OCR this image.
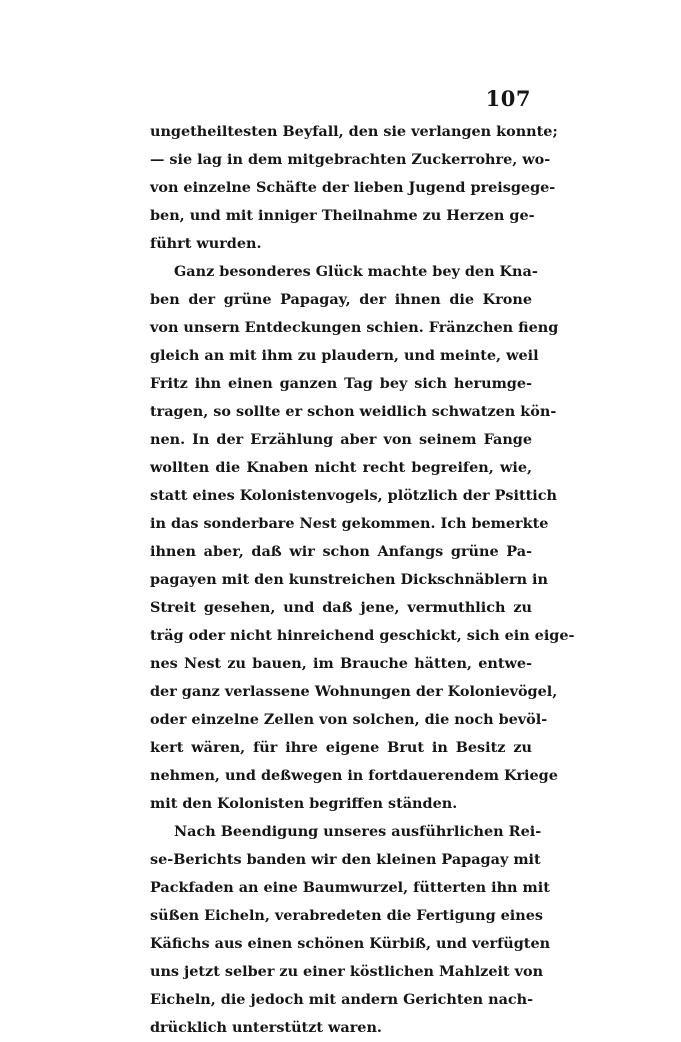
107
ungetheiltesten Beyfall, den sie verlangen konnte;
— sie lag in dem mitgebrachten Zuckerrohre, wo-
von einzelne Schäfte der lieben Jugend preisgege-
ben, und mit inniger Theilnahme zu Herzen ge-
führt wurden.
Ganz besonderes Glück machte bey den Kna-
ben der grüne Papagay, der ihnen die Krone
von unsern Entdeckungen schien. Fränzchen fieng
gleich an mit ihm zu plaudern, und meinte, weil
Fritz ihn einen ganzen Tag bey sich herumge-
tragen, so sollte er schon weidlich schwatzen kön-
nen. In der Erzählung aber von seinem Fange
wollten die Knaben nicht recht begreifen, wie,
statt eines Kolonistenvogels, plötzlich der Psittich
in das sonderbare Nest gekommen. Ich bemerkte
ihnen aber, daß wir schon Anfangs grüne Pa-
pagayen mit den kunstreichen Dickschnäblern in
Streit gesehen, und daß jene, vermuthlich zu
träg oder nicht hinreichend geschickt, sich ein eige-
nes Nest zu bauen, im Brauche hätten, entwe-
der ganz verlassene Wohnungen der Kolonievögel,
oder einzelne Zellen von solchen, die noch bevöl-
kert wären, für ihre eigene Brut in Besitz zu
nehmen, und deßwegen in fortdauerendem Kriege
mit den Kolonisten begriffen ständen.
Nach Beendigung unseres ausführlichen Rei-
se-Berichts banden wir den kleinen Papagay mit
Packfaden an eine Baumwurzel, fütterten ihn mit
süßen Eicheln, verabredeten die Fertigung eines
Käfichs aus einen schönen Kürbiß, und verfügten
uns jetzt selber zu einer köstlichen Mahlzeit von
Eicheln, die jedoch mit andern Gerichten nach-
drücklich unterstützt waren.
